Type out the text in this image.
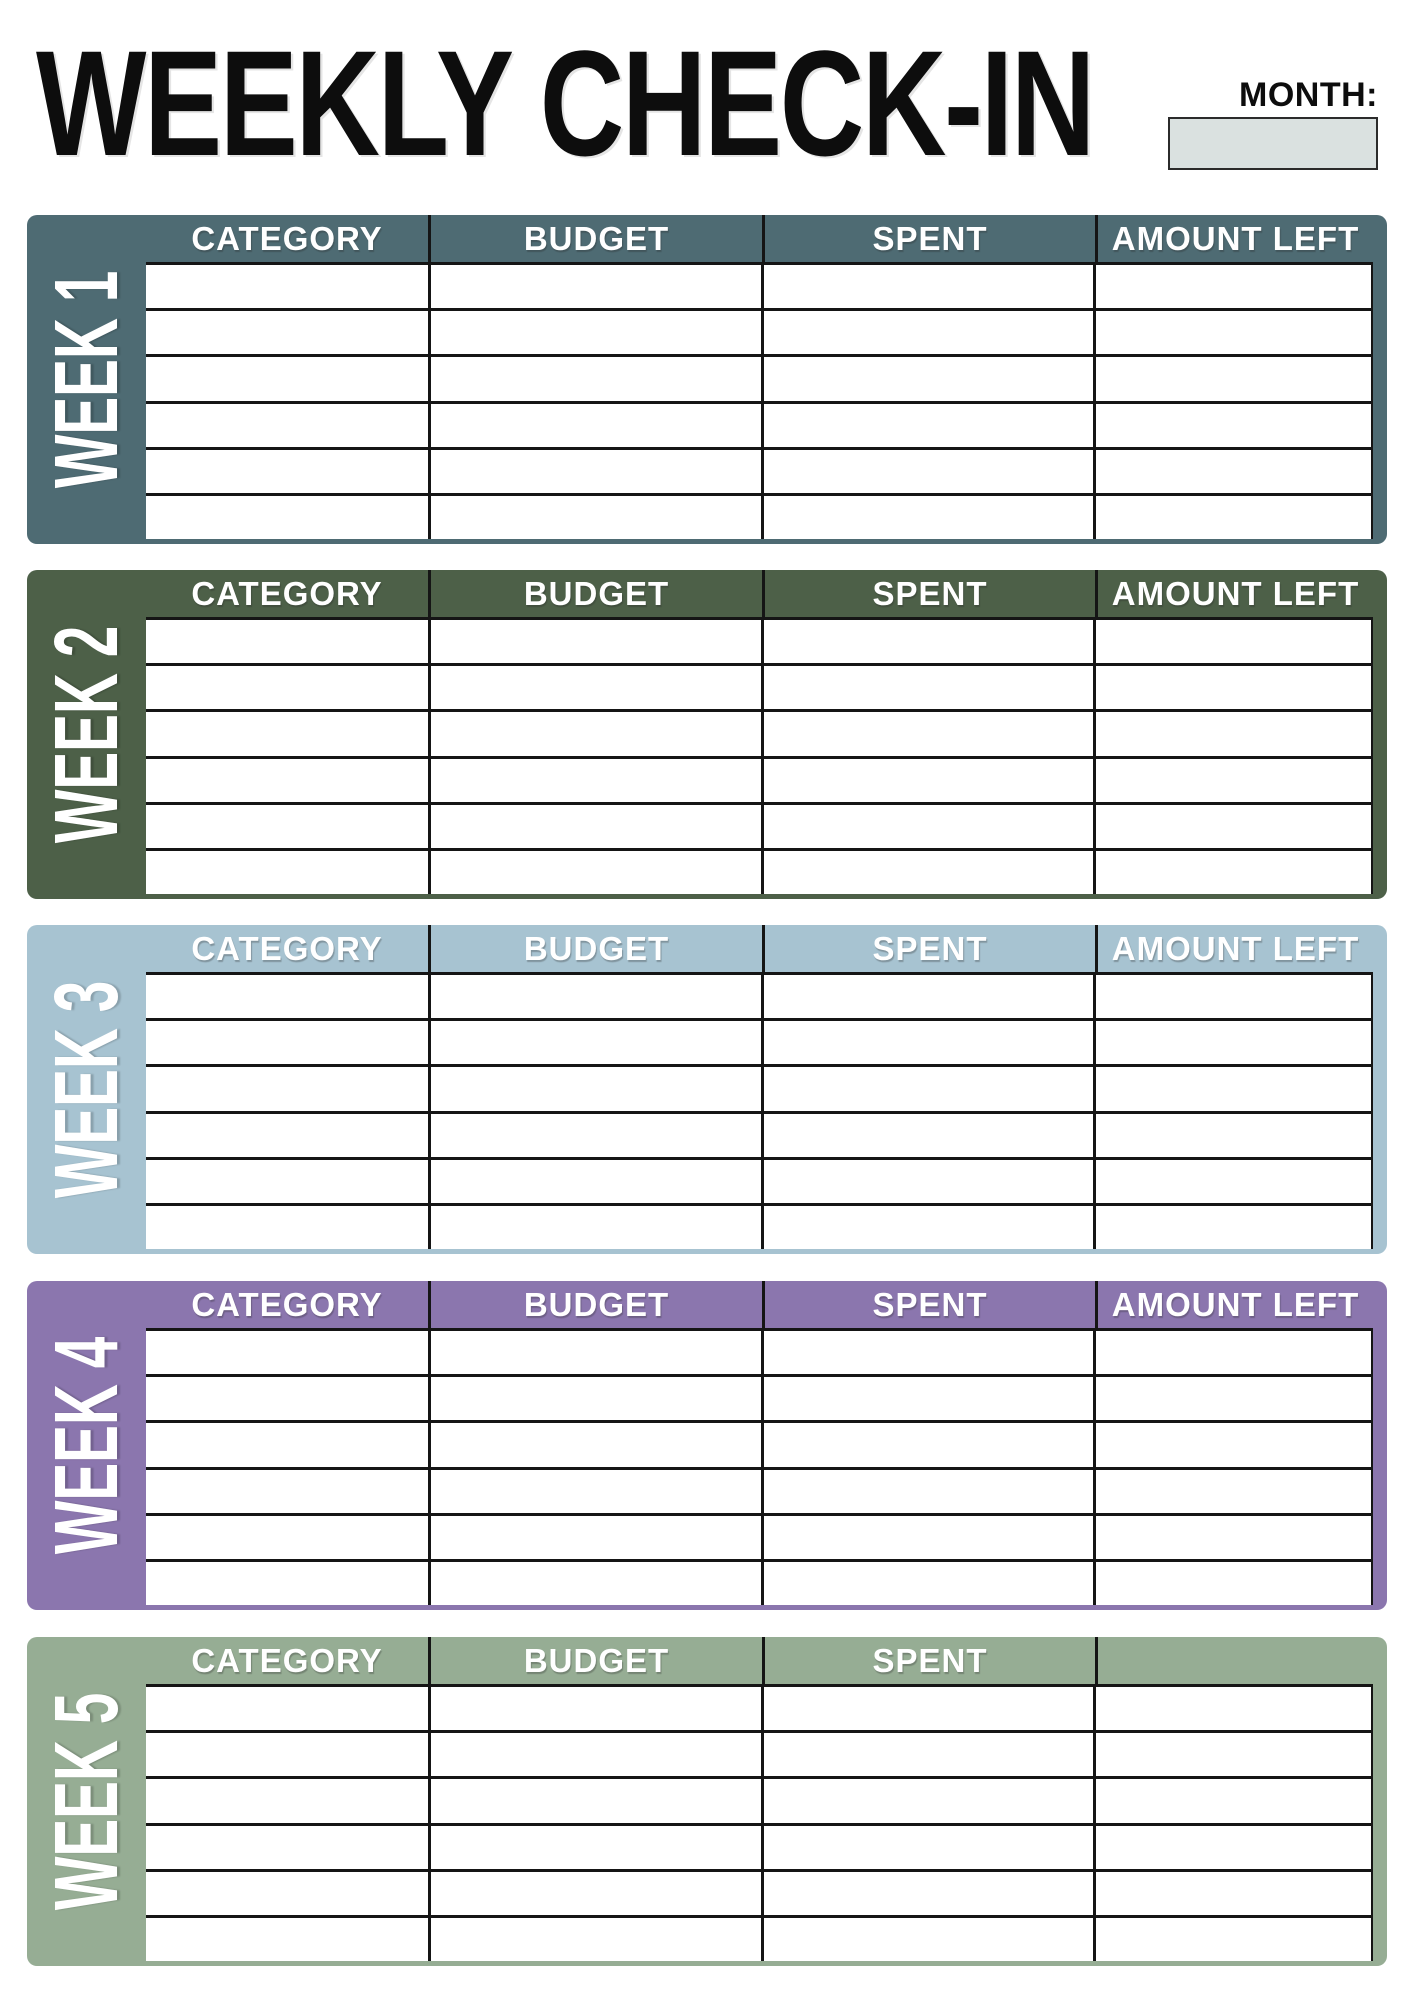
WEEKLY CHECK-IN	MONTH:
WEEK 1
CATEGORY	BUDGET	SPENT	AMOUNT LEFT
WEEK 2
CATEGORY	BUDGET	SPENT	AMOUNT LEFT
WEEK 3
CATEGORY	BUDGET	SPENT	AMOUNT LEFT
WEEK 4
CATEGORY	BUDGET	SPENT	AMOUNT LEFT
WEEK 5
CATEGORY	BUDGET	SPENT
